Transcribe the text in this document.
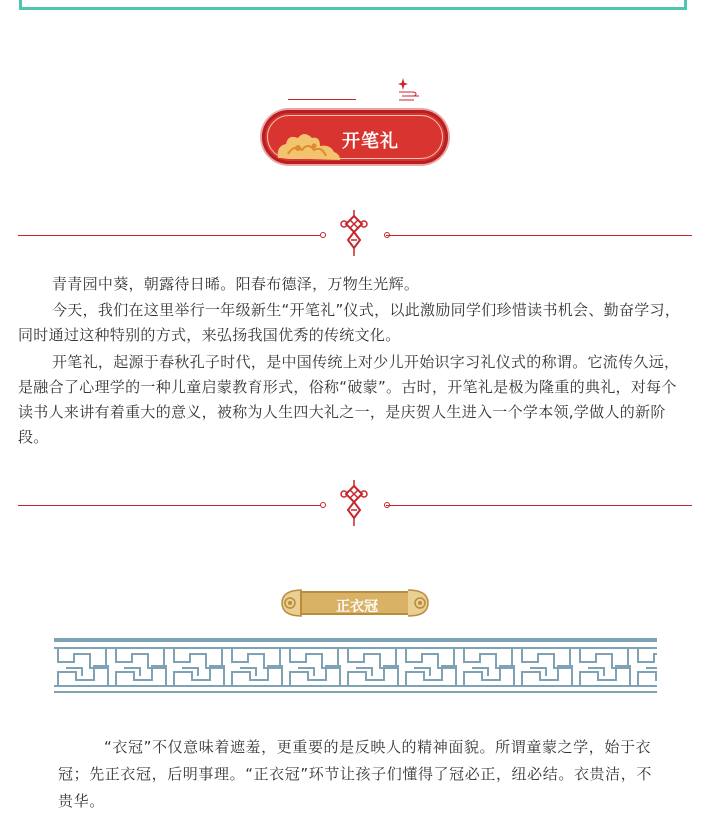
开笔礼

青青园中葵，朝露待日晞。阳春布德泽，万物生光辉。

今天，我们在这里举行一年级新生“开笔礼”仪式，以此激励同学们珍惜读书机会、勤奋学习，同时通过这种特别的方式，来弘扬我国优秀的传统文化。

开笔礼，起源于春秋孔子时代，是中国传统上对少儿开始识字习礼仪式的称谓。它流传久远，是融合了心理学的一种儿童启蒙教育形式，俗称“破蒙”。古时，开笔礼是极为隆重的典礼，对每个读书人来讲有着重大的意义，被称为人生四大礼之一，是庆贺人生进入一个学本领,学做人的新阶段。

正衣冠

“衣冠”不仅意味着遮羞，更重要的是反映人的精神面貌。所谓童蒙之学，始于衣冠；先正衣冠，后明事理。“正衣冠”环节让孩子们懂得了冠必正，纽必结。衣贵洁，不贵华。
